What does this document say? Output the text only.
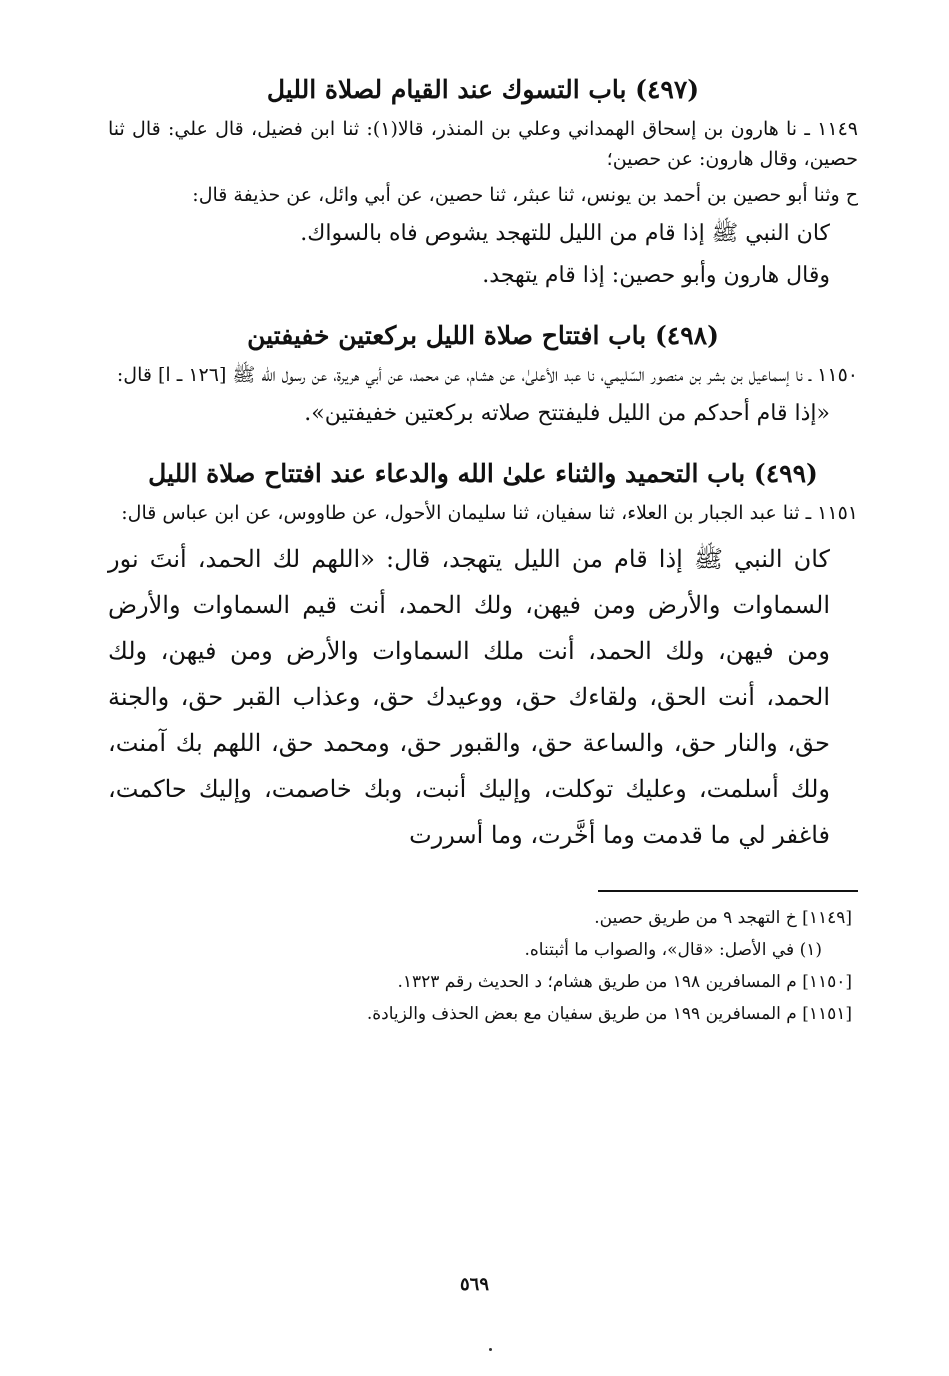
(٤٩٧) باب التسوك عند القيام لصلاة الليل

١١٤٩ ـ نا هارون بن إسحاق الهمداني وعلي بن المنذر، قالا(١): ثنا ابن فضيل، قال علي: قال ثنا حصين، وقال هارون: عن حصين؛

ح وثنا أبو حصين بن أحمد بن يونس، ثنا عبثر، ثنا حصين، عن أبي وائل، عن حذيفة قال:

كان النبي ﷺ إذا قام من الليل للتهجد يشوص فاه بالسواك.

وقال هارون وأبو حصين: إذا قام يتهجد.

(٤٩٨) باب افتتاح صلاة الليل بركعتين خفيفتين

١١٥٠ ـ نا إسماعيل بن بشر بن منصور السّليمي، نا عبد الأعلىٰ، عن هشام، عن محمد، عن أبي هريرة، عن رسول الله ﷺ [١٢٦ ـ ا] قال:

«إذا قام أحدكم من الليل فليفتتح صلاته بركعتين خفيفتين».

(٤٩٩) باب التحميد والثناء علىٰ الله والدعاء عند افتتاح صلاة الليل

١١٥١ ـ ثنا عبد الجبار بن العلاء، ثنا سفيان، ثنا سليمان الأحول، عن طاووس، عن ابن عباس قال:

كان النبي ﷺ إذا قام من الليل يتهجد، قال: «اللهم لك الحمد، أنتَ نور السماوات والأرض ومن فيهن، ولك الحمد، أنت قيم السماوات والأرض ومن فيهن، ولك الحمد، أنت ملك السماوات والأرض ومن فيهن، ولك الحمد، أنت الحق، ولقاءك حق، ووعيدك حق، وعذاب القبر حق، والجنة حق، والنار حق، والساعة حق، والقبور حق، ومحمد حق، اللهم بك آمنت، ولك أسلمت، وعليك توكلت، وإليك أنبت، وبك خاصمت، وإليك حاكمت، فاغفر لي ما قدمت وما أخَّرت، وما أسررت

[١١٤٩] خ التهجد ٩ من طريق حصين.

(١) في الأصل: «قال»، والصواب ما أثبتناه.

[١١٥٠] م المسافرين ١٩٨ من طريق هشام؛ د الحديث رقم ١٣٢٣.

[١١٥١] م المسافرين ١٩٩ من طريق سفيان مع بعض الحذف والزيادة.

٥٦٩
